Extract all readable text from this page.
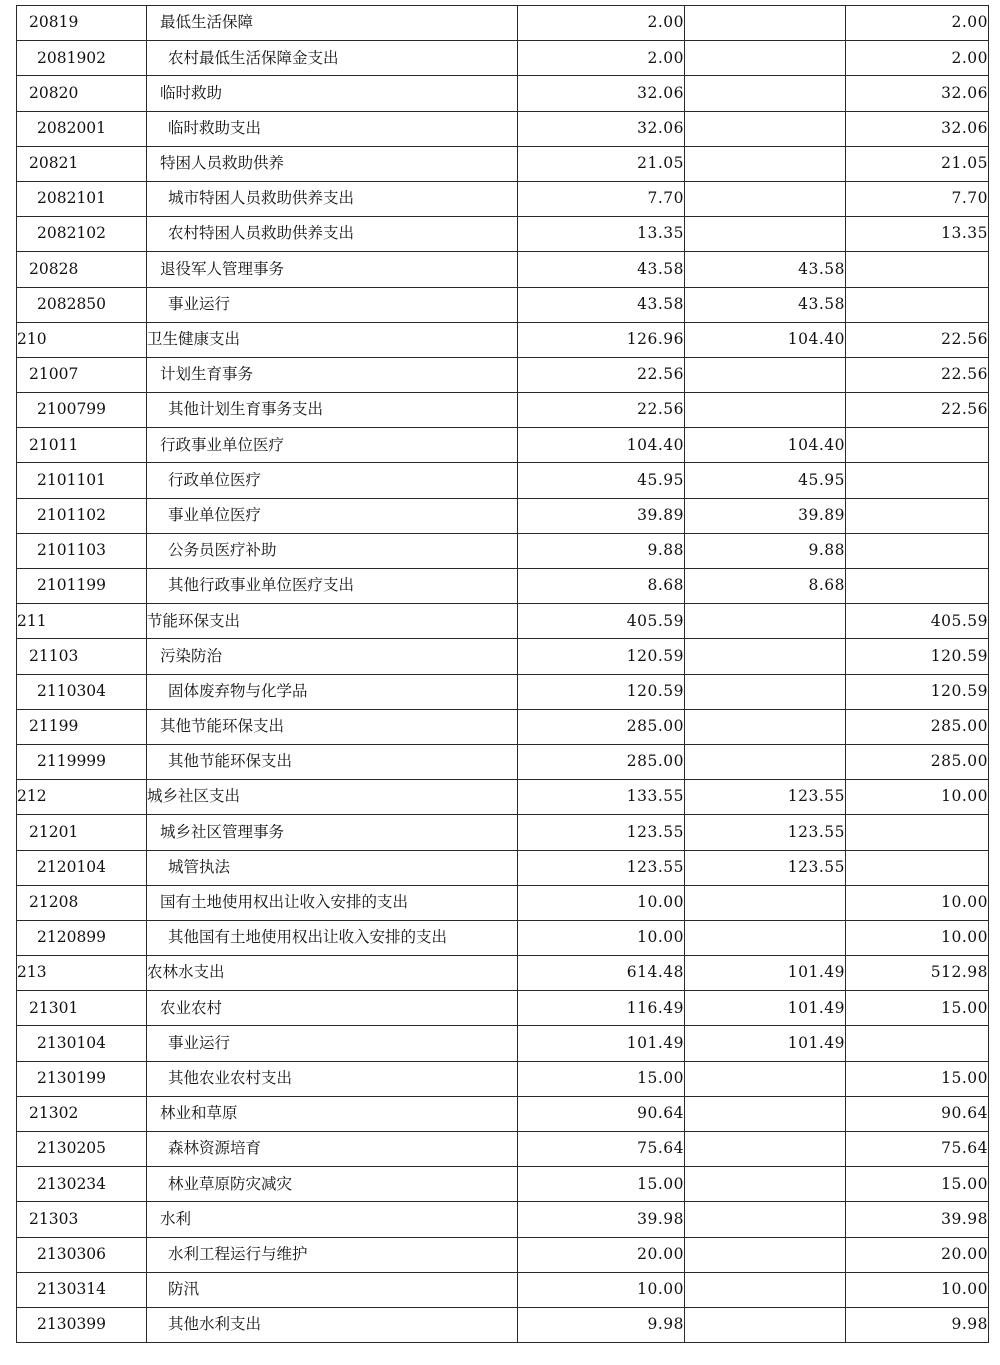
20819	最低生活保障	2.00		2.00
2081902	农村最低生活保障金支出	2.00		2.00
20820	临时救助	32.06		32.06
2082001	临时救助支出	32.06		32.06
20821	特困人员救助供养	21.05		21.05
2082101	城市特困人员救助供养支出	7.70		7.70
2082102	农村特困人员救助供养支出	13.35		13.35
20828	退役军人管理事务	43.58	43.58	
2082850	事业运行	43.58	43.58	
210	卫生健康支出	126.96	104.40	22.56
21007	计划生育事务	22.56		22.56
2100799	其他计划生育事务支出	22.56		22.56
21011	行政事业单位医疗	104.40	104.40	
2101101	行政单位医疗	45.95	45.95	
2101102	事业单位医疗	39.89	39.89	
2101103	公务员医疗补助	9.88	9.88	
2101199	其他行政事业单位医疗支出	8.68	8.68	
211	节能环保支出	405.59		405.59
21103	污染防治	120.59		120.59
2110304	固体废弃物与化学品	120.59		120.59
21199	其他节能环保支出	285.00		285.00
2119999	其他节能环保支出	285.00		285.00
212	城乡社区支出	133.55	123.55	10.00
21201	城乡社区管理事务	123.55	123.55	
2120104	城管执法	123.55	123.55	
21208	国有土地使用权出让收入安排的支出	10.00		10.00
2120899	其他国有土地使用权出让收入安排的支出	10.00		10.00
213	农林水支出	614.48	101.49	512.98
21301	农业农村	116.49	101.49	15.00
2130104	事业运行	101.49	101.49	
2130199	其他农业农村支出	15.00		15.00
21302	林业和草原	90.64		90.64
2130205	森林资源培育	75.64		75.64
2130234	林业草原防灾减灾	15.00		15.00
21303	水利	39.98		39.98
2130306	水利工程运行与维护	20.00		20.00
2130314	防汛	10.00		10.00
2130399	其他水利支出	9.98		9.98
